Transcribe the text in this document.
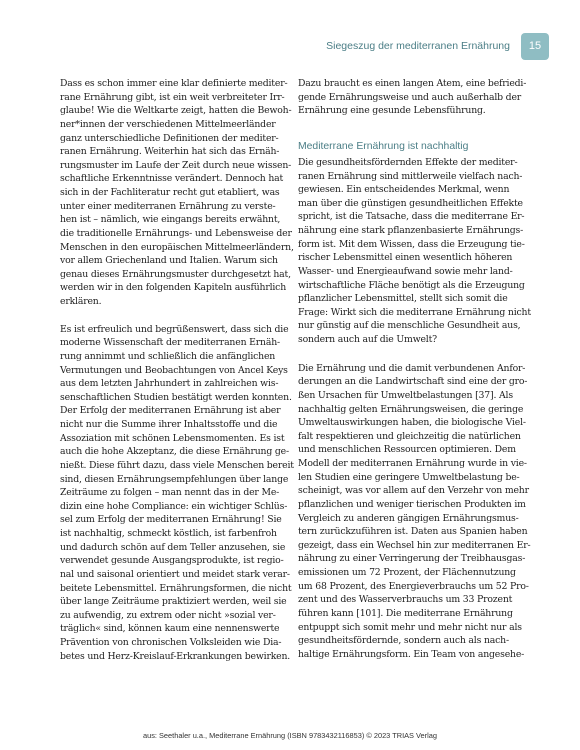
Siegeszug der mediterranen Ernährung	15

Dass es schon immer eine klar definierte mediter-

rane Ernährung gibt, ist ein weit verbreiteter Irr-

glaube! Wie die Weltkarte zeigt, hatten die Bewoh-

ner*innen der verschiedenen Mittelmeerländer

ganz unterschiedliche Definitionen der mediter-

ranen Ernährung. Weiterhin hat sich das Ernäh-

rungsmuster im Laufe der Zeit durch neue wissen-

schaftliche Erkenntnisse verändert. Dennoch hat

sich in der Fachliteratur recht gut etabliert, was

unter einer mediterranen Ernährung zu verste-

hen ist – nämlich, wie eingangs bereits erwähnt,

die traditionelle Ernährungs- und Lebensweise der

Menschen in den europäischen Mittelmeerländern,

vor allem Griechenland und Italien. Warum sich

genau dieses Ernährungsmuster durchgesetzt hat,

werden wir in den folgenden Kapiteln ausführlich

erklären.

Es ist erfreulich und begrüßenswert, dass sich die

moderne Wissenschaft der mediterranen Ernäh-

rung annimmt und schließlich die anfänglichen

Vermutungen und Beobachtungen von Ancel Keys

aus dem letzten Jahrhundert in zahlreichen wis-

senschaftlichen Studien bestätigt werden konnten.

Der Erfolg der mediterranen Ernährung ist aber

nicht nur die Summe ihrer Inhaltsstoffe und die

Assoziation mit schönen Lebensmomenten. Es ist

auch die hohe Akzeptanz, die diese Ernährung ge-

nießt. Diese führt dazu, dass viele Menschen bereit

sind, diesen Ernährungsempfehlungen über lange

Zeiträume zu folgen – man nennt das in der Me-

dizin eine hohe Compliance: ein wichtiger Schlüs-

sel zum Erfolg der mediterranen Ernährung! Sie

ist nachhaltig, schmeckt köstlich, ist farbenfroh

und dadurch schön auf dem Teller anzusehen, sie

verwendet gesunde Ausgangsprodukte, ist regio-

nal und saisonal orientiert und meidet stark verar-

beitete Lebensmittel. Ernährungsformen, die nicht

über lange Zeiträume praktiziert werden, weil sie

zu aufwendig, zu extrem oder nicht »sozial ver-

träglich« sind, können kaum eine nennenswerte

Prävention von chronischen Volksleiden wie Dia-

betes und Herz-Kreislauf-Erkrankungen bewirken.

Dazu braucht es einen langen Atem, eine befriedi-

gende Ernährungsweise und auch außerhalb der

Ernährung eine gesunde Lebensführung.

Mediterrane Ernährung ist nachhaltig

Die gesundheitsfördernden Effekte der mediter-

ranen Ernährung sind mittlerweile vielfach nach-

gewiesen. Ein entscheidendes Merkmal, wenn

man über die günstigen gesundheitlichen Effekte

spricht, ist die Tatsache, dass die mediterrane Er-

nährung eine stark pflanzenbasierte Ernährungs-

form ist. Mit dem Wissen, dass die Erzeugung tie-

rischer Lebensmittel einen wesentlich höheren

Wasser- und Energieaufwand sowie mehr land-

wirtschaftliche Fläche benötigt als die Erzeugung

pflanzlicher Lebensmittel, stellt sich somit die

Frage: Wirkt sich die mediterrane Ernährung nicht

nur günstig auf die menschliche Gesundheit aus,

sondern auch auf die Umwelt?

Die Ernährung und die damit verbundenen Anfor-

derungen an die Landwirtschaft sind eine der gro-

ßen Ursachen für Umweltbelastungen [37]. Als

nachhaltig gelten Ernährungsweisen, die geringe

Umweltauswirkungen haben, die biologische Viel-

falt respektieren und gleichzeitig die natürlichen

und menschlichen Ressourcen optimieren. Dem

Modell der mediterranen Ernährung wurde in vie-

len Studien eine geringere Umweltbelastung be-

scheinigt, was vor allem auf den Verzehr von mehr

pflanzlichen und weniger tierischen Produkten im

Vergleich zu anderen gängigen Ernährungsmus-

tern zurückzuführen ist. Daten aus Spanien haben

gezeigt, dass ein Wechsel hin zur mediterranen Er-

nährung zu einer Verringerung der Treibhausgas-

emissionen um 72 Prozent, der Flächennutzung

um 68 Prozent, des Energieverbrauchs um 52 Pro-

zent und des Wasserverbrauchs um 33 Prozent

führen kann [101]. Die mediterrane Ernährung

entpuppt sich somit mehr und mehr nicht nur als

gesundheitsfördernde, sondern auch als nach-

haltige Ernährungsform. Ein Team von angesehe-

aus: Seethaler u.a., Mediterrane Ernährung (ISBN 9783432116853) © 2023 TRIAS Verlag
